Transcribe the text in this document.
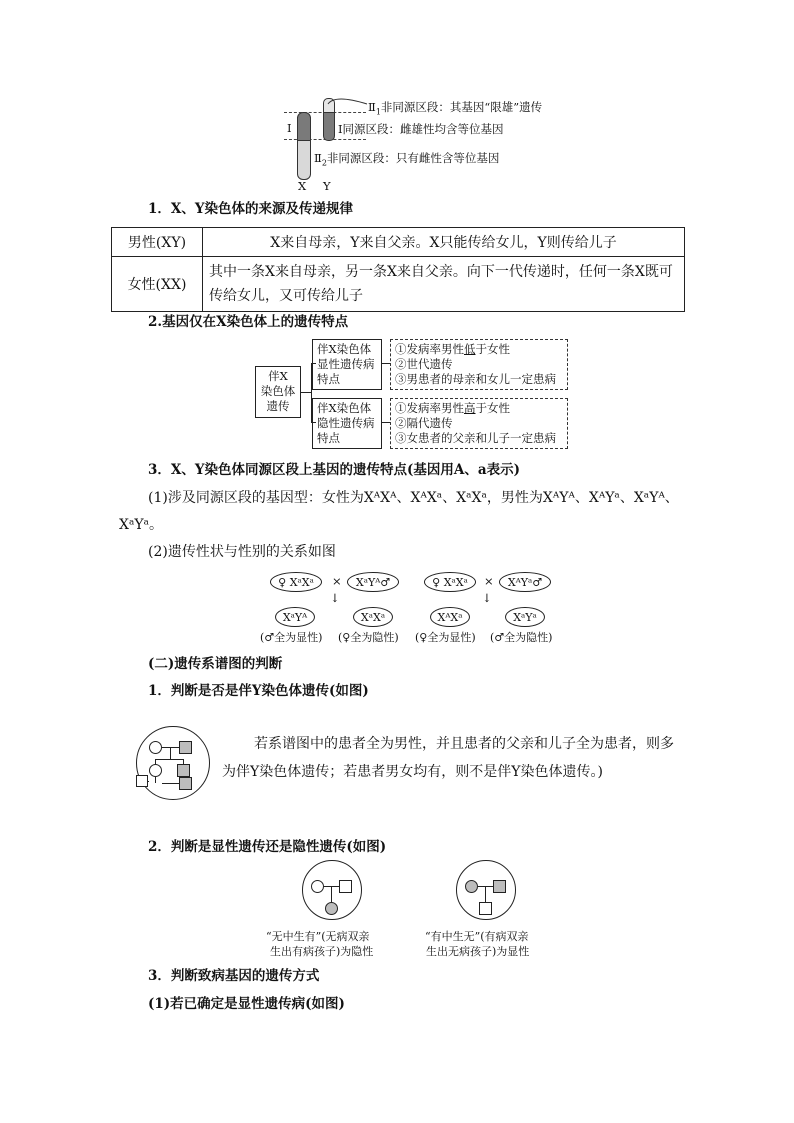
Ⅰ
$Ⅱ_1$非同源区段：其基因“限雄”遗传
Ⅰ同源区段：雌雄性均含等位基因
$Ⅱ_2$非同源区段：只有雌性含等位基因
X Y
1．X、Y染色体的来源及传递规律
男性(XY)	X来自母亲，Y来自父亲。X只能传给女儿，Y则传给儿子
女性(XX)	其中一条X来自母亲，另一条X来自父亲。向下一代传递时，任何一条X既可传给女儿，又可传给儿子
2.基因仅在X染色体上的遗传特点
伴X
染色体
遗传
伴X染色体
显性遗传病
特点
①发病率男性低于女性
②世代遗传
③男患者的母亲和女儿一定患病
伴X染色体
隐性遗传病
特点
①发病率男性高于女性
②隔代遗传
③女患者的父亲和儿子一定患病
3．X、Y染色体同源区段上基因的遗传特点(基因用A、a表示)
(1)涉及同源区段的基因型：女性为XᴬXᴬ、XᴬXᵃ、XᵃXᵃ，男性为XᴬYᴬ、XᴬYᵃ、XᵃYᴬ、
XᵃYᵃ。
(2)遗传性状与性别的关系如图
♀ XᵃXᵃ	×	XᵃYᴬ♂	♀ XᵃXᵃ	×	XᴬYᵃ♂
↓	↓
XᵃYᴬ	XᵃXᵃ	XᴬXᵃ	XᵃYᵃ
(♂全为显性) (♀全为隐性) (♀全为显性) (♂全为隐性)
(二)遗传系谱图的判断
1．判断是否是伴Y染色体遗传(如图)
若系谱图中的患者全为男性，并且患者的父亲和儿子全为患者，则多为伴Y染色体遗传；若患者男女均有，则不是伴Y染色体遗传。)
2．判断是显性遗传还是隐性遗传(如图)
“无中生有”(无病双亲
生出有病孩子)为隐性
“有中生无”(有病双亲
生出无病孩子)为显性
3．判断致病基因的遗传方式
(1)若已确定是显性遗传病(如图)
